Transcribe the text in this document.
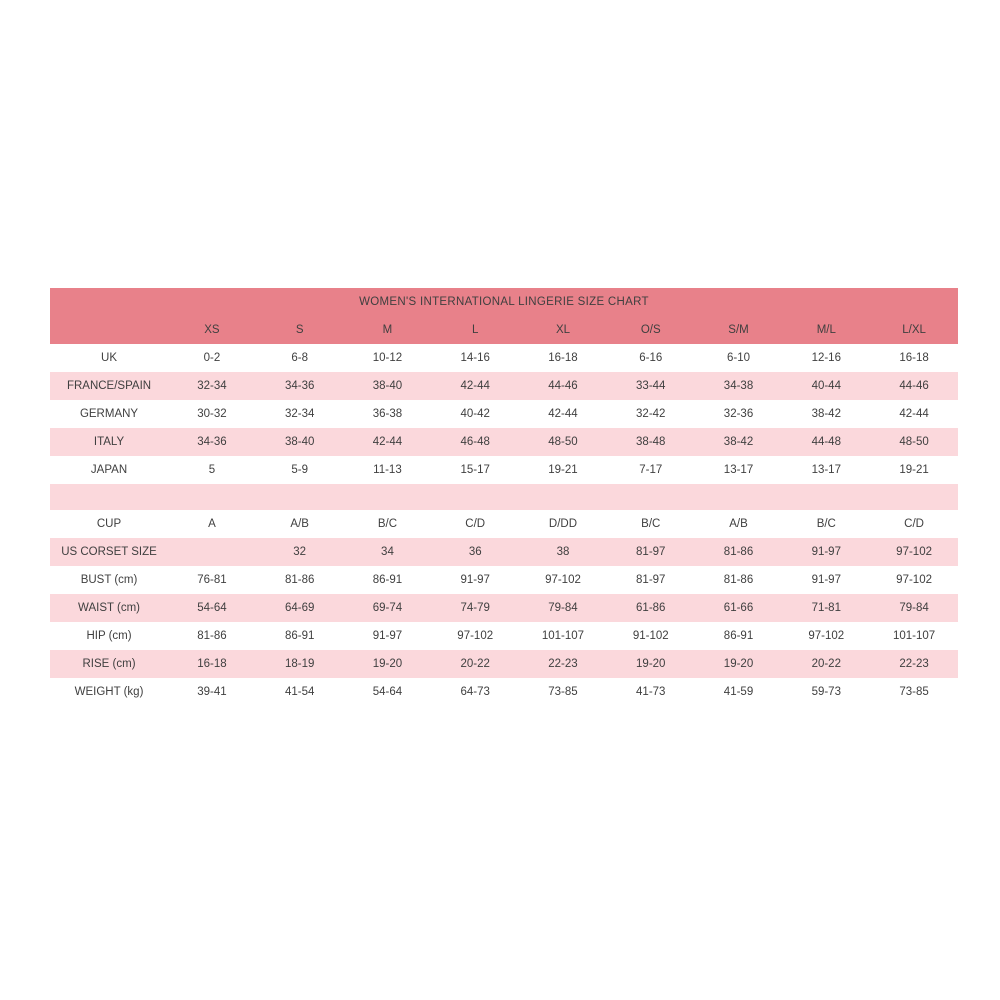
WOMEN'S INTERNATIONAL LINGERIE SIZE CHART									
	XS	S	M	L	XL	O/S	S/M	M/L	L/XL
UK	0-2	6-8	10-12	14-16	16-18	6-16	6-10	12-16	16-18
FRANCE/SPAIN	32-34	34-36	38-40	42-44	44-46	33-44	34-38	40-44	44-46
GERMANY	30-32	32-34	36-38	40-42	42-44	32-42	32-36	38-42	42-44
ITALY	34-36	38-40	42-44	46-48	48-50	38-48	38-42	44-48	48-50
JAPAN	5	5-9	11-13	15-17	19-21	7-17	13-17	13-17	19-21

CUP	A	A/B	B/C	C/D	D/DD	B/C	A/B	B/C	C/D
US CORSET SIZE		32	34	36	38	81-97	81-86	91-97	97-102
BUST (cm)	76-81	81-86	86-91	91-97	97-102	81-97	81-86	91-97	97-102
WAIST (cm)	54-64	64-69	69-74	74-79	79-84	61-86	61-66	71-81	79-84
HIP (cm)	81-86	86-91	91-97	97-102	101-107	91-102	86-91	97-102	101-107
RISE (cm)	16-18	18-19	19-20	20-22	22-23	19-20	19-20	20-22	22-23
WEIGHT (kg)	39-41	41-54	54-64	64-73	73-85	41-73	41-59	59-73	73-85
